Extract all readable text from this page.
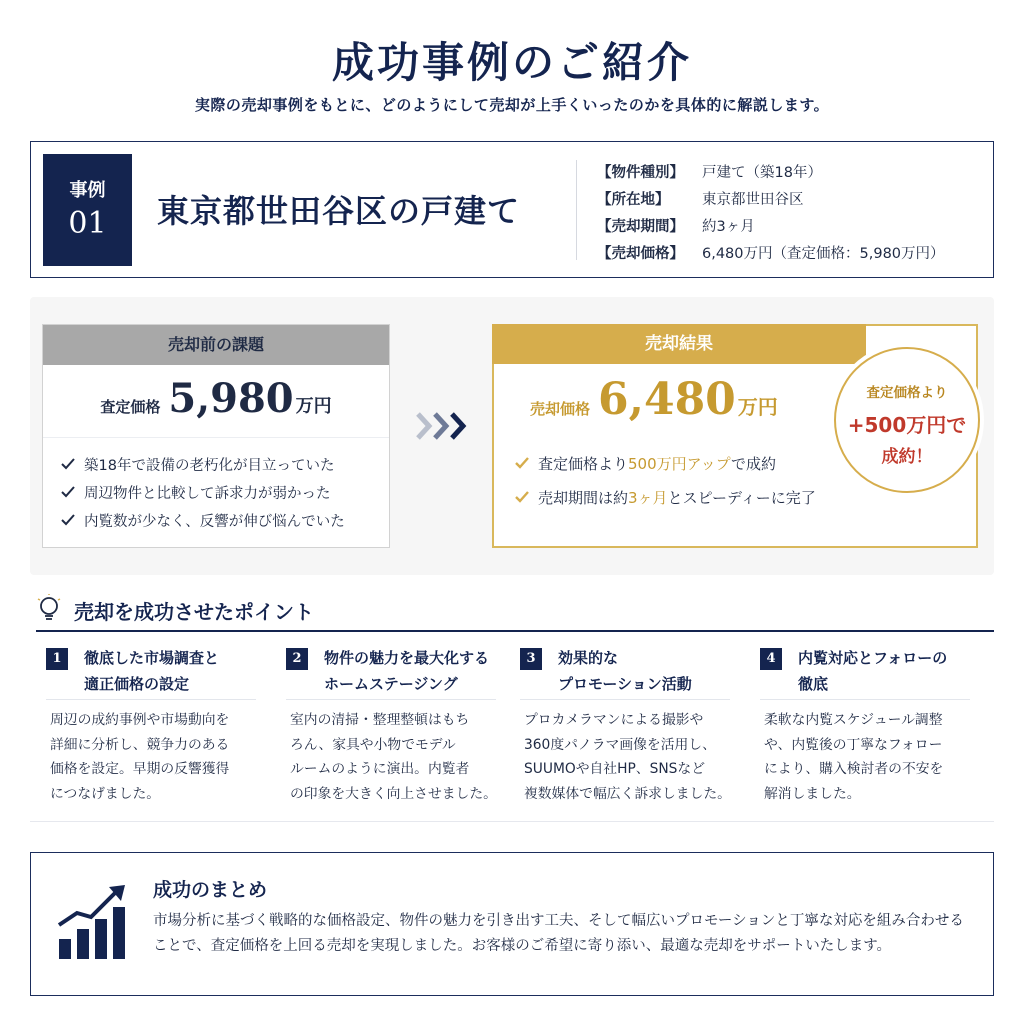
成功事例のご紹介

実際の売却事例をもとに、どのようにして売却が上手くいったのかを具体的に解説します。

事例
01	東京都世田谷区の戸建て
【物件種別】	戸建て（築18年）
【所在地】	東京都世田谷区
【売却期間】	約3ヶ月
【売却価格】	6,480万円（査定価格：5,980万円）
売却前の課題
査定価格 5,980 万円
築18年で設備の老朽化が目立っていた
周辺物件と比較して訴求力が弱かった
内覧数が少なく、反響が伸び悩んでいた
売却結果
売却価格 6,480 万円
査定価格より500万円アップで成約
売却期間は約3ヶ月とスピーディーに完了
査定価格より
+500万円で
成約！
売却を成功させたポイント
1	徹底した市場調査と
適正価格の設定
周辺の成約事例や市場動向を
詳細に分析し、競争力のある
価格を設定。早期の反響獲得
につなげました。
2	物件の魅力を最大化する
ホームステージング
室内の清掃・整理整頓はもち
ろん、家具や小物でモデル
ルームのように演出。内覧者
の印象を大きく向上させました。
3	効果的な
プロモーション活動
プロカメラマンによる撮影や
360度パノラマ画像を活用し、
SUUMOや自社HP、SNSなど
複数媒体で幅広く訴求しました。
4	内覧対応とフォローの
徹底
柔軟な内覧スケジュール調整
や、内覧後の丁寧なフォロー
により、購入検討者の不安を
解消しました。
成功のまとめ

市場分析に基づく戦略的な価格設定、物件の魅力を引き出す工夫、そして幅広いプロモーションと丁寧な対応を組み合わせることで、査定価格を上回る売却を実現しました。お客様のご希望に寄り添い、最適な売却をサポートいたします。
